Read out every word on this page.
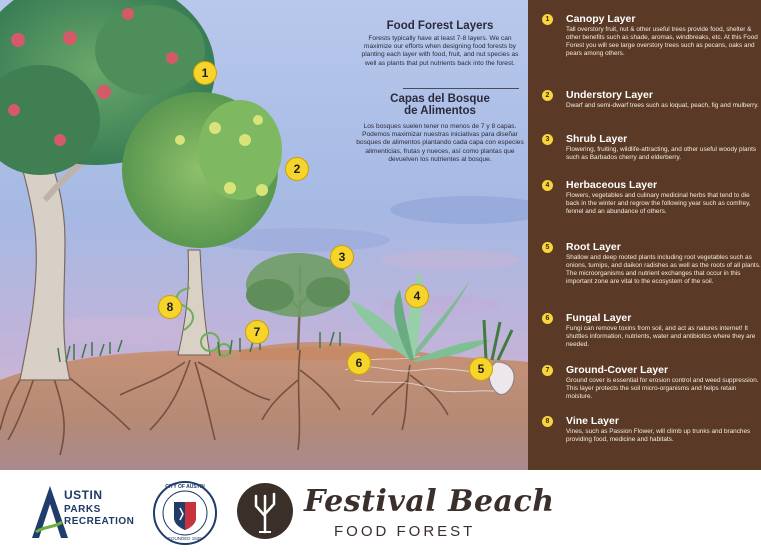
Food Forest Layers

Forests typically have at least 7-8 layers. We can maximize our efforts when designing food forests by planting each layer with food, fruit, and nut species as well as plants that put nutrients back into the forest.

Capas del Bosque
de Alimentos

Los bosques suelen tener no menos de 7 y 8 capas. Podemos maximizar nuestras iniciativas para diseñar bosques de alimentos plantando cada capa con especies alimenticias, frutas y nueces, así como plantas que devuelven los nutrientes al bosque.

1
2
3
4
5
6
7
8
1	Canopy Layer
Tall overstory fruit, nut & other useful trees provide food, shelter & other benefits such as shade, aromas, windbreaks, etc. At this Food Forest you will see large overstory trees such as pecans, oaks and pears among others.
2	Understory Layer
Dwarf and semi-dwarf trees such as loquat, peach, fig and mulberry.
3	Shrub Layer
Flowering, fruiting, wildlife-attracting, and other useful woody plants such as Barbados cherry and elderberry.
4	Herbaceous Layer
Flowers, vegetables and culinary medicinal herbs that tend to die back in the winter and regrow the following year such as comfrey, fennel and an abundance of others.
5	Root Layer
Shallow and deep rooted plants including root vegetables such as onions, turnips, and daikon radishes as well as the roots of all plants. The microorganisms and nutrient exchanges that occur in this important zone are vital to the ecosystem of the soil.
6	Fungal Layer
Fungi can remove toxins from soil, and act as natures internet! It shuttles information, nutrients, water and antibiotics where they are needed.
7	Ground-Cover Layer
Ground cover is essential for erosion control and weed suppression. This layer protects the soil micro-organisms and helps retain moisture.
8	Vine Layer
Vines, such as Passion Flower, will climb up trunks and branches providing food, medicine and habitats.
USTIN
PARKS
RECREATION
CITY OF AUSTIN
FOUNDED 1839
Festival Beach
FOOD FOREST
